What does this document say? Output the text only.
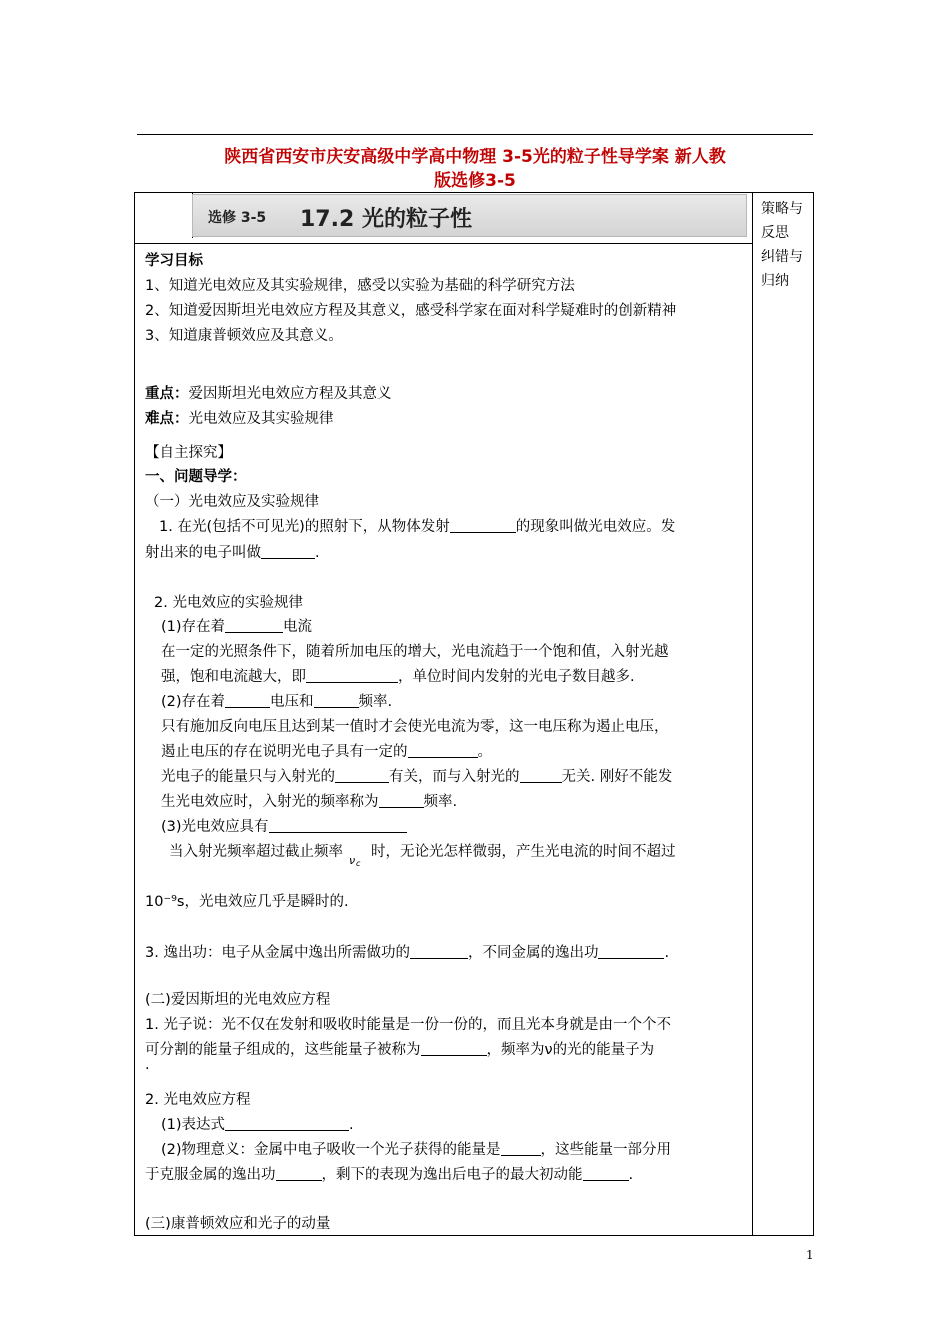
陕西省西安市庆安高级中学高中物理 3-5光的粒子性导学案 新人教
版选修3-5
选修 3-5 17.2 光的粒子性	策略与反思
纠错与归纳
学习目标
1、知道光电效应及其实验规律，感受以实验为基础的科学研究方法
2、知道爱因斯坦光电效应方程及其意义，感受科学家在面对科学疑难时的创新精神
3、知道康普顿效应及其意义。
重点：爱因斯坦光电效应方程及其意义
难点：光电效应及其实验规律
【自主探究】
一、问题导学：
（一）光电效应及实验规律
1. 在光(包括不可见光)的照射下，从物体发射	的现象叫做光电效应。发
射出来的电子叫做	.
2. 光电效应的实验规律
(1)存在着	电流
在一定的光照条件下，随着所加电压的增大，光电流趋于一个饱和值，入射光越
强，饱和电流越大，即	，单位时间内发射的光电子数目越多.
(2)存在着	电压和	频率.
只有施加反向电压且达到某一值时才会使光电流为零，这一电压称为遏止电压，
遏止电压的存在说明光电子具有一定的	。
光电子的能量只与入射光的	有关，而与入射光的	无关. 刚好不能发
生光电效应时，入射光的频率称为	频率.
(3)光电效应具有
当入射光频率超过截止频率
ν c
时，无论光怎样微弱，产生光电流的时间不超过
10⁻⁹s，光电效应几乎是瞬时的.
3. 逸出功：电子从金属中逸出所需做功的	，不同金属的逸出功	.
(二)爱因斯坦的光电效应方程
1. 光子说：光不仅在发射和吸收时能量是一份一份的，而且光本身就是由一个个不
可分割的能量子组成的，这些能量子被称为	，频率为ν的光的能量子为
.
2. 光电效应方程
(1)表达式	.
(2)物理意义：金属中电子吸收一个光子获得的能量是	，这些能量一部分用
于克服金属的逸出功	，剩下的表现为逸出后电子的最大初动能	.
(三)康普顿效应和光子的动量
1
